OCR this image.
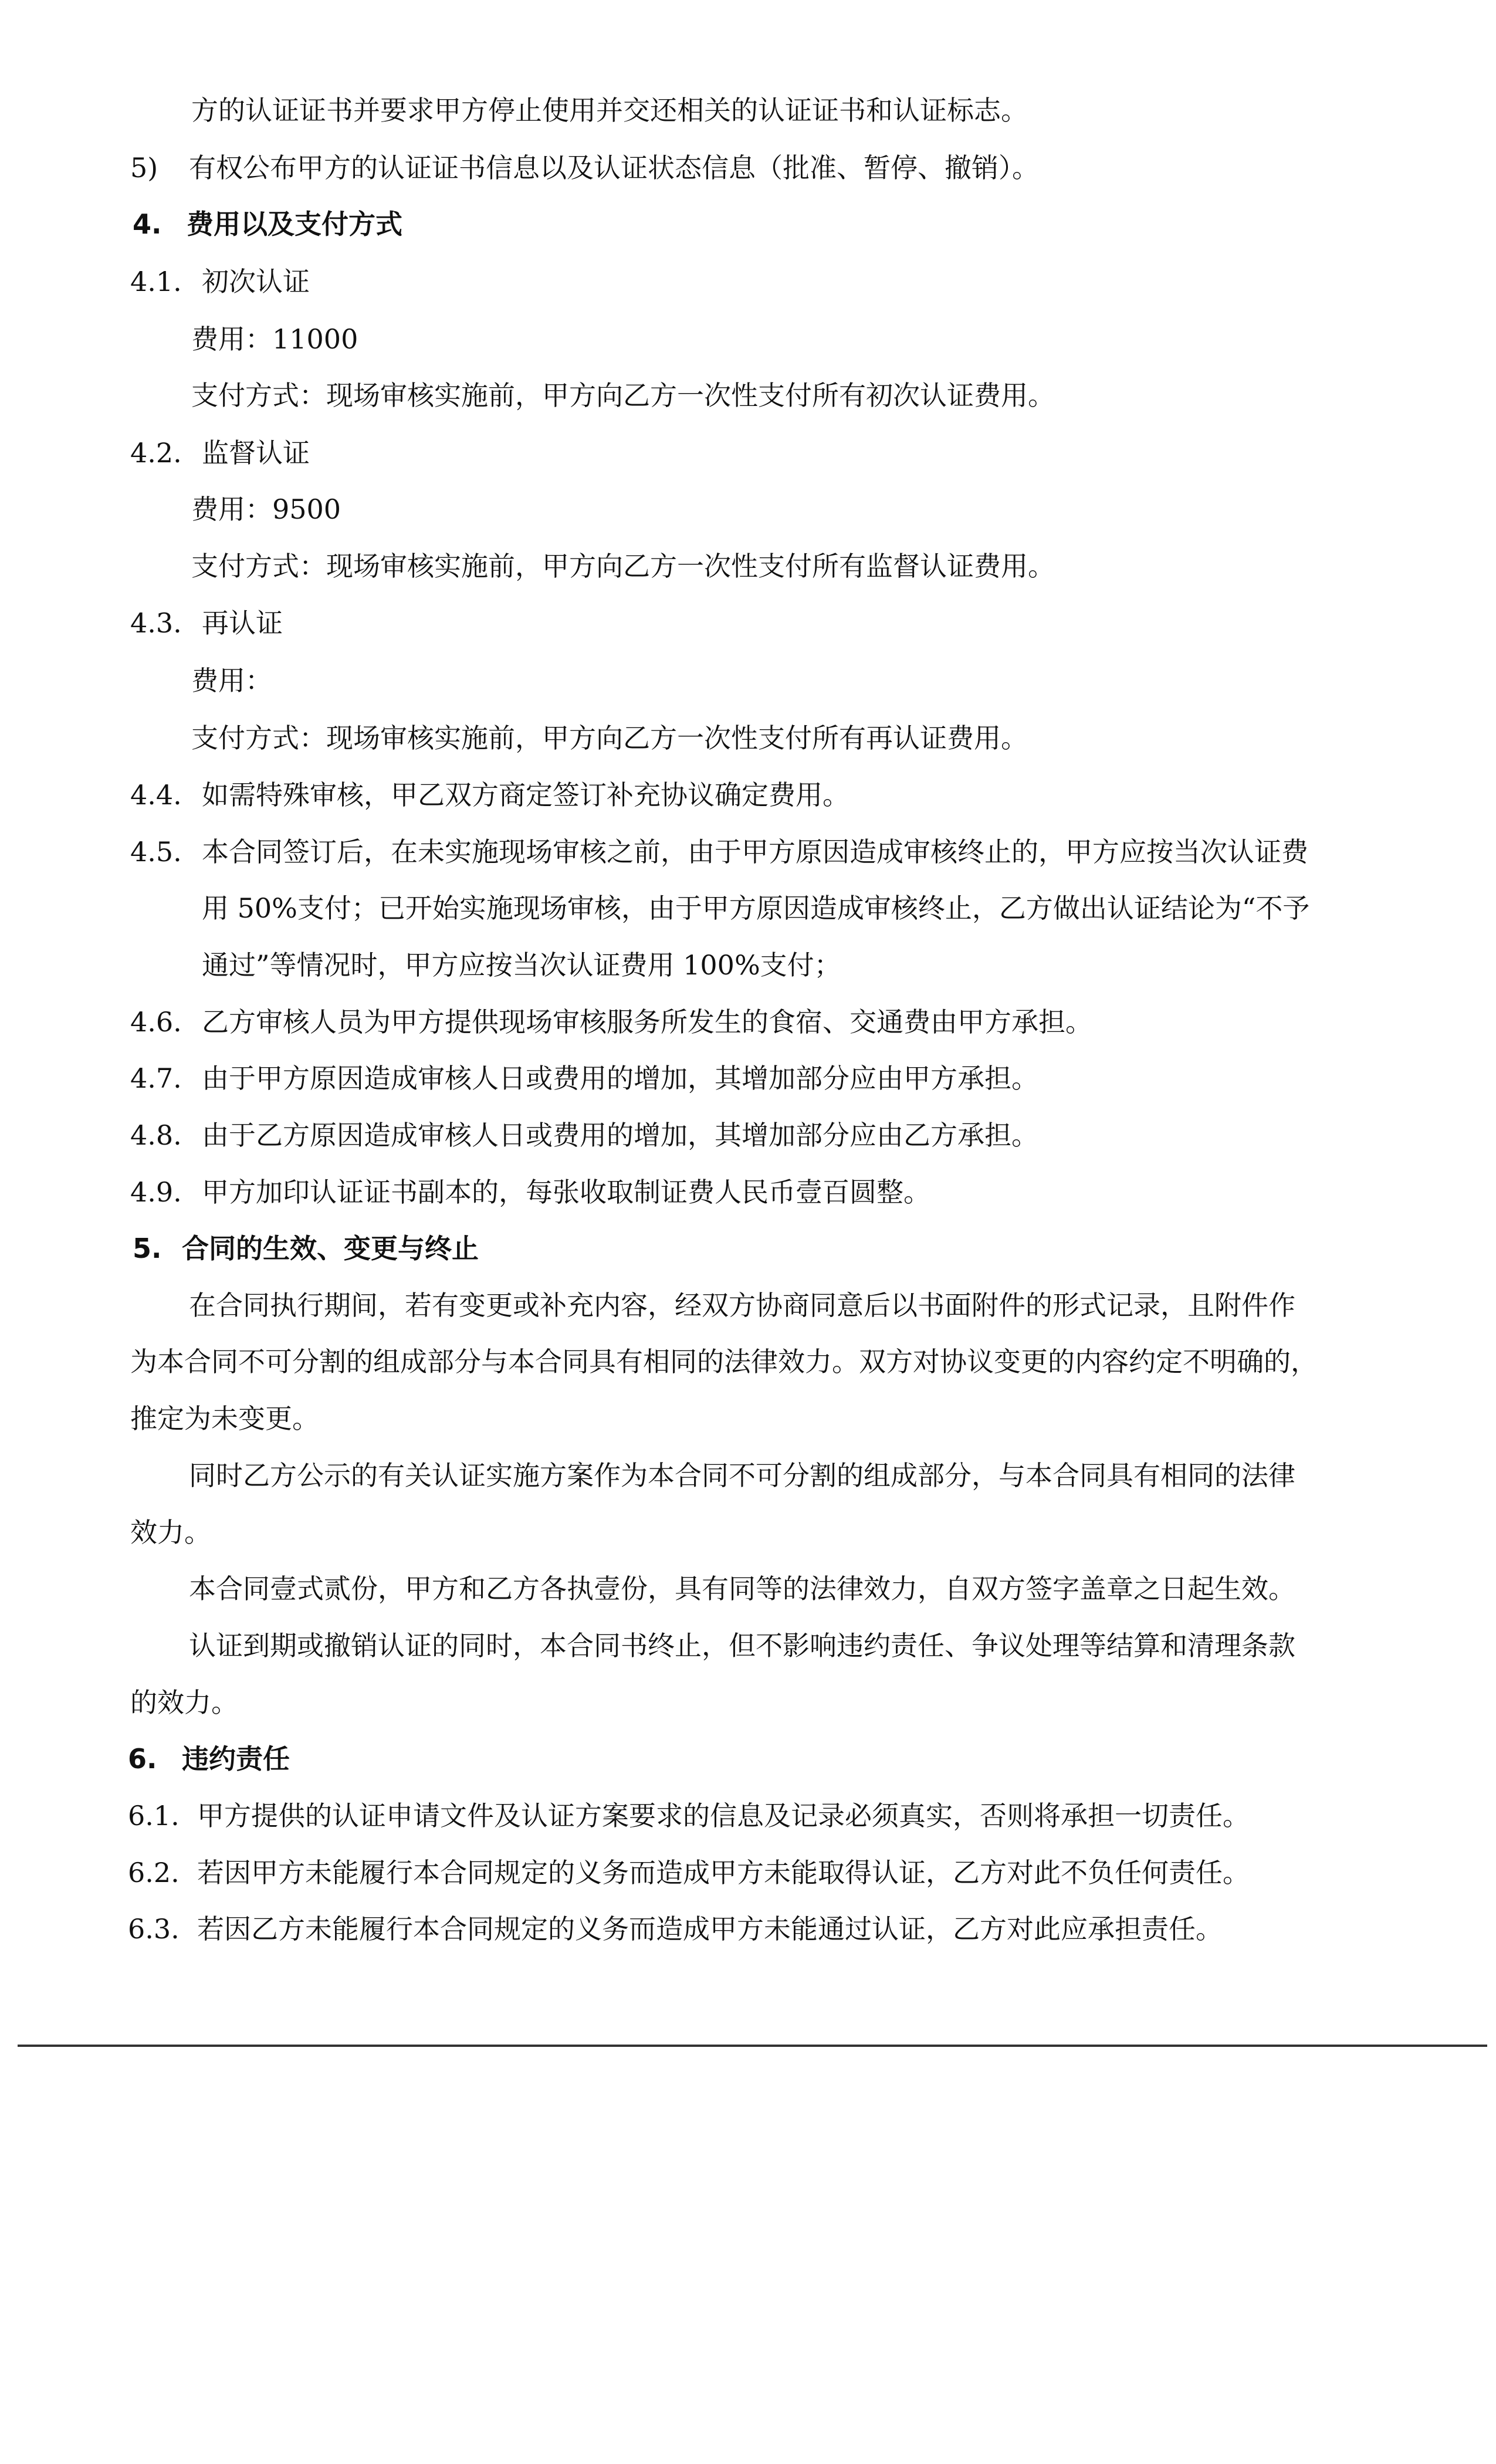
方的认证证书并要求甲方停止使用并交还相关的认证证书和认证标志。
5) 有权公布甲方的认证证书信息以及认证状态信息（批准、暂停、撤销）。
4. 费用以及支付方式
4.1. 初次认证
费用：11000
支付方式：现场审核实施前，甲方向乙方一次性支付所有初次认证费用。
4.2. 监督认证
费用：9500
支付方式：现场审核实施前，甲方向乙方一次性支付所有监督认证费用。
4.3. 再认证
费用：
支付方式：现场审核实施前，甲方向乙方一次性支付所有再认证费用。
4.4. 如需特殊审核，甲乙双方商定签订补充协议确定费用。
4.5. 本合同签订后，在未实施现场审核之前，由于甲方原因造成审核终止的，甲方应按当次认证费
用 50%支付；已开始实施现场审核，由于甲方原因造成审核终止，乙方做出认证结论为“不予
通过”等情况时，甲方应按当次认证费用 100%支付；
4.6. 乙方审核人员为甲方提供现场审核服务所发生的食宿、交通费由甲方承担。
4.7. 由于甲方原因造成审核人日或费用的增加，其增加部分应由甲方承担。
4.8. 由于乙方原因造成审核人日或费用的增加，其增加部分应由乙方承担。
4.9. 甲方加印认证证书副本的，每张收取制证费人民币壹百圆整。
5. 合同的生效、变更与终止
在合同执行期间，若有变更或补充内容，经双方协商同意后以书面附件的形式记录，且附件作
为本合同不可分割的组成部分与本合同具有相同的法律效力。双方对协议变更的内容约定不明确的，
推定为未变更。
同时乙方公示的有关认证实施方案作为本合同不可分割的组成部分，与本合同具有相同的法律
效力。
本合同壹式贰份，甲方和乙方各执壹份，具有同等的法律效力，自双方签字盖章之日起生效。
认证到期或撤销认证的同时，本合同书终止，但不影响违约责任、争议处理等结算和清理条款
的效力。
6. 违约责任
6.1. 甲方提供的认证申请文件及认证方案要求的信息及记录必须真实，否则将承担一切责任。
6.2. 若因甲方未能履行本合同规定的义务而造成甲方未能取得认证，乙方对此不负任何责任。
6.3. 若因乙方未能履行本合同规定的义务而造成甲方未能通过认证，乙方对此应承担责任。
